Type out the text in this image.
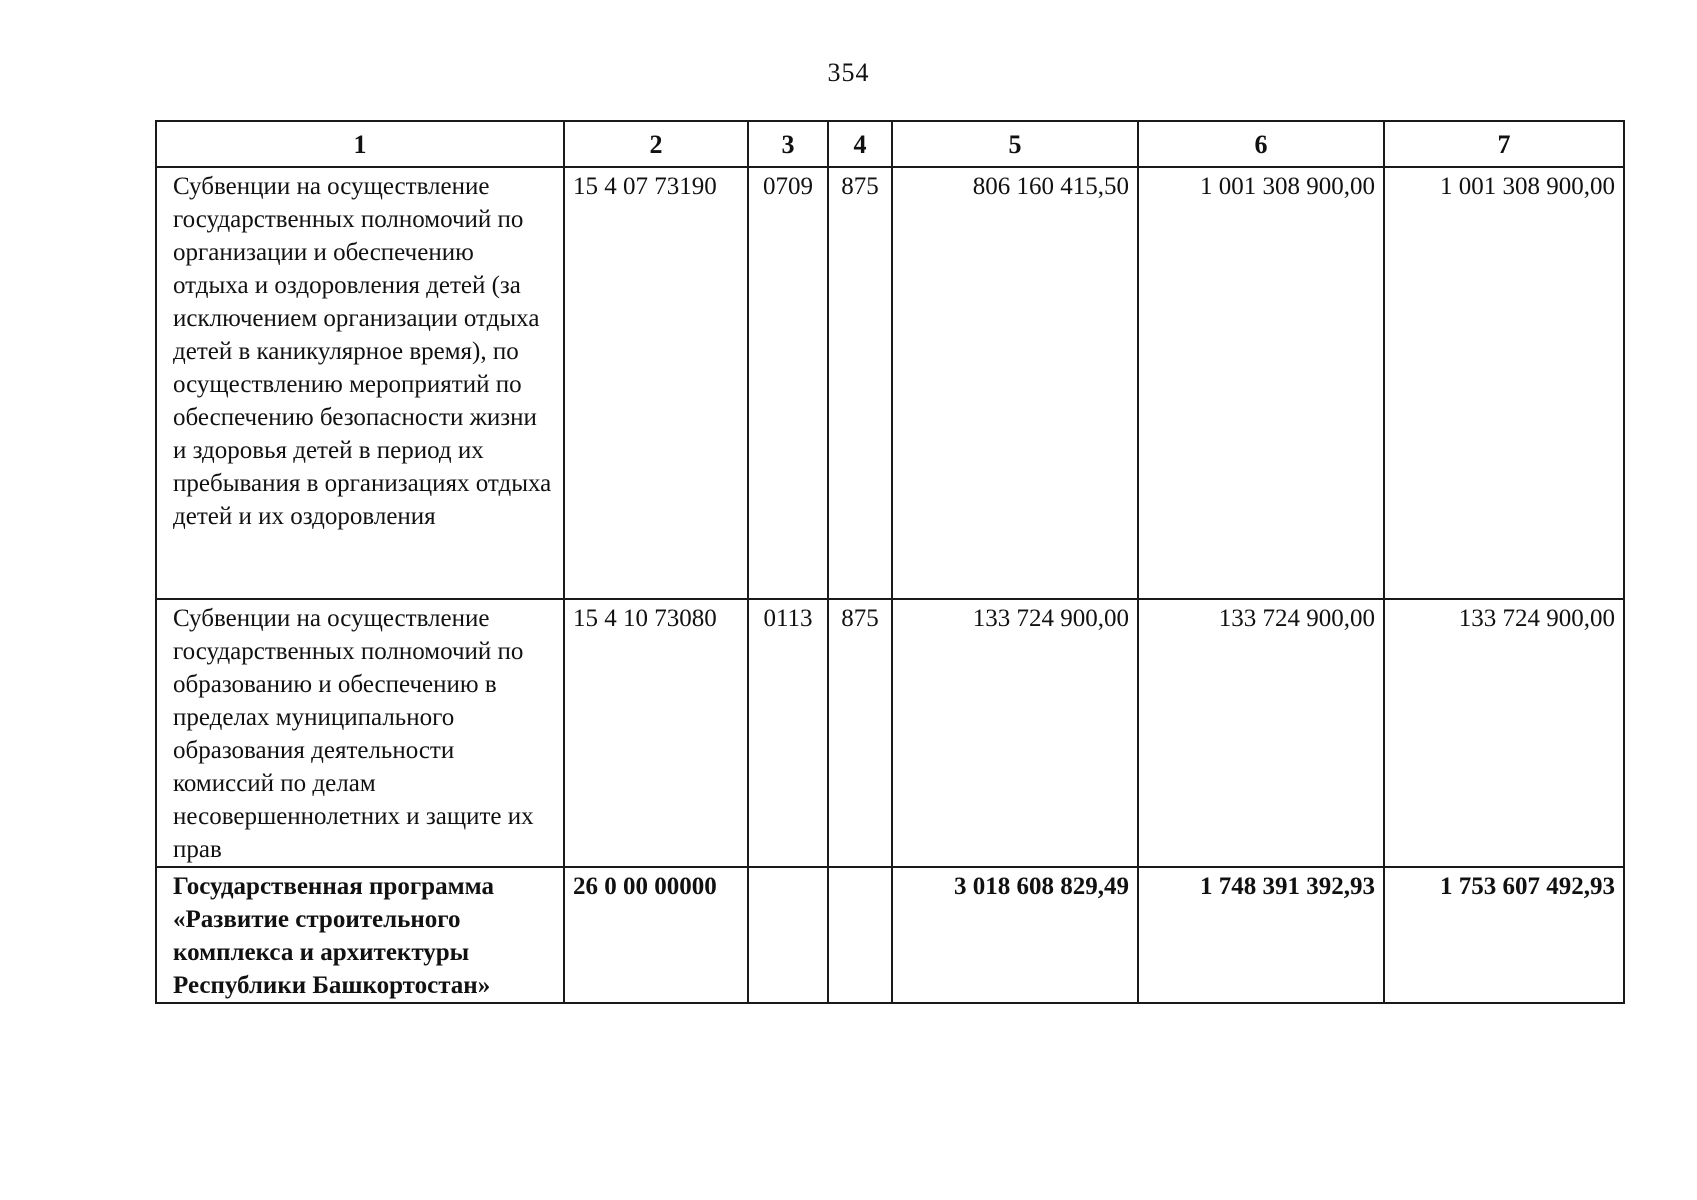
354
1	2	3	4	5	6	7
Субвенции на осуществление государственных полномочий по организации и обеспечению отдыха и оздоровления детей (за исключением организации отдыха детей в каникулярное время), по осуществлению мероприятий по обеспечению безопасности жизни и здоровья детей в период их пребывания в организациях отдыха детей и их оздоровления	15 4 07 73190	0709	875	806 160 415,50	1 001 308 900,00	1 001 308 900,00
Субвенции на осуществление государственных полномочий по образованию и обеспечению в пределах муниципального образования деятельности комиссий по делам несовершеннолетних и защите их прав	15 4 10 73080	0113	875	133 724 900,00	133 724 900,00	133 724 900,00
Государственная программа «Развитие строительного комплекса и архитектуры Республики Башкортостан»	26 0 00 00000			3 018 608 829,49	1 748 391 392,93	1 753 607 492,93
